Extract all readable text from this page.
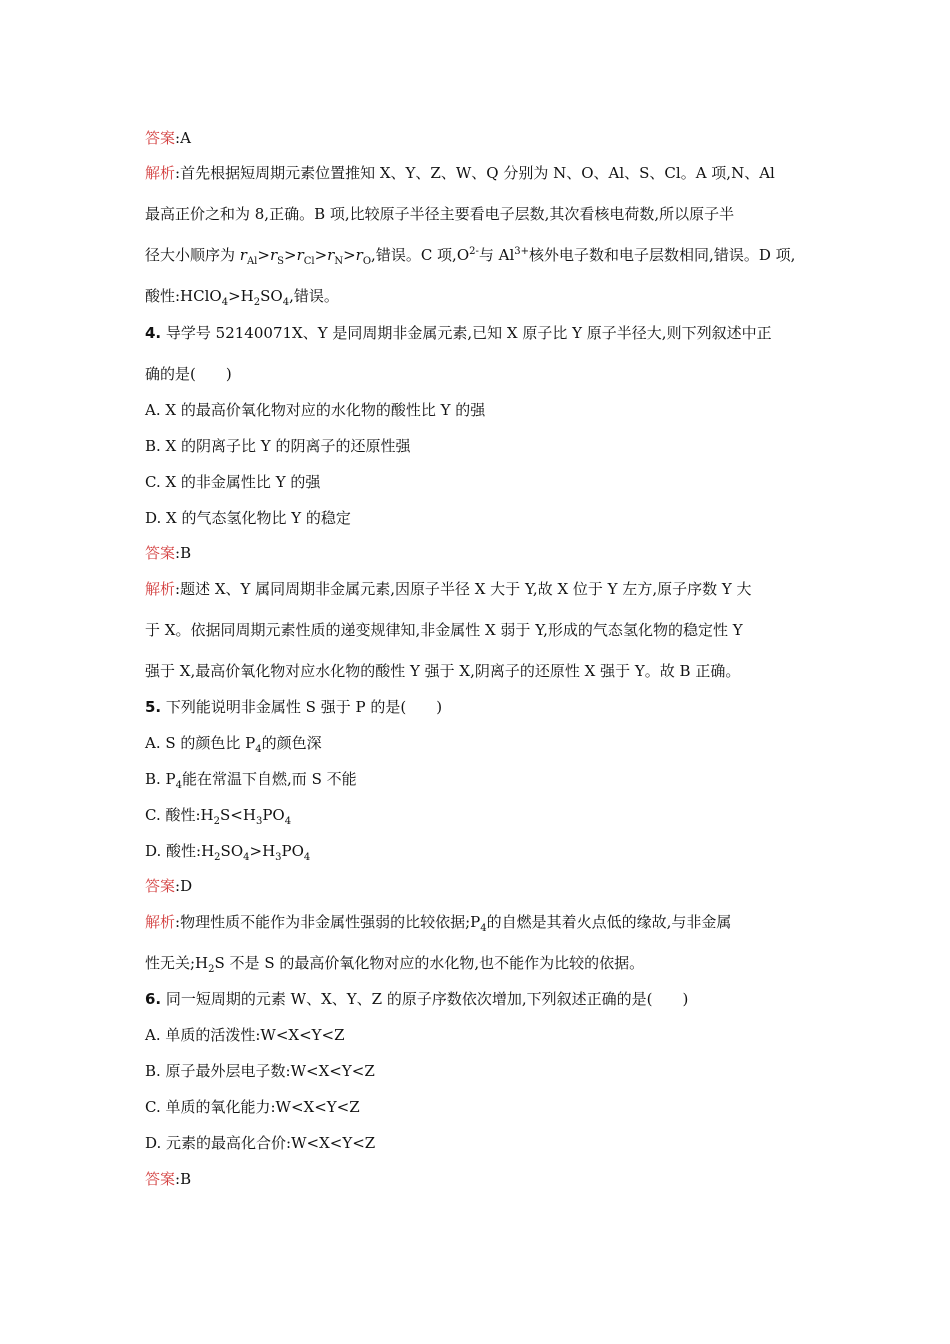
答案:A
解析:首先根据短周期元素位置推知 X、Y、Z、W、Q 分别为 N、O、Al、S、Cl。A 项,N、Al
最高正价之和为 8,正确。B 项,比较原子半径主要看电子层数,其次看核电荷数,所以原子半
径大小顺序为 $r_{Al}>r_S>r_{Cl}>r_N>r_O$,错误。C 项$,O^{2-}$与 $Al^{3+}$核外电子数和电子层数相同,错误。D 项,
酸性$:HClO_4>H_2SO_4$,错误。
4. 导学号 52140071X、Y 是同周期非金属元素,已知 X 原子比 Y 原子半径大,则下列叙述中正
确的是(　　)
A. X 的最高价氧化物对应的水化物的酸性比 Y 的强
B. X 的阴离子比 Y 的阴离子的还原性强
C. X 的非金属性比 Y 的强
D. X 的气态氢化物比 Y 的稳定
答案:B
解析:题述 X、Y 属同周期非金属元素,因原子半径 X 大于 Y,故 X 位于 Y 左方,原子序数 Y 大
于 X。依据同周期元素性质的递变规律知,非金属性 X 弱于 Y,形成的气态氢化物的稳定性 Y
强于 X,最高价氧化物对应水化物的酸性 Y 强于 X,阴离子的还原性 X 强于 Y。故 B 正确。
5. 下列能说明非金属性 S 强于 P 的是(　　)
A. S 的颜色比 $P_4$的颜色深
B. $P_4$能在常温下自燃,而 S 不能
C. 酸性$:H_2S<H_3PO_4$
D. 酸性$:H_2SO_4>H_3PO_4$
答案:D
解析:物理性质不能作为非金属性强弱的比较依据$;P_4$的自燃是其着火点低的缘故,与非金属
性无关$;H_2S$ 不是 S 的最高价氧化物对应的水化物,也不能作为比较的依据。
6. 同一短周期的元素 W、X、Y、Z 的原子序数依次增加,下列叙述正确的是(　　)
A. 单质的活泼性:W<X<Y<Z
B. 原子最外层电子数:W<X<Y<Z
C. 单质的氧化能力:W<X<Y<Z
D. 元素的最高化合价:W<X<Y<Z
答案:B
